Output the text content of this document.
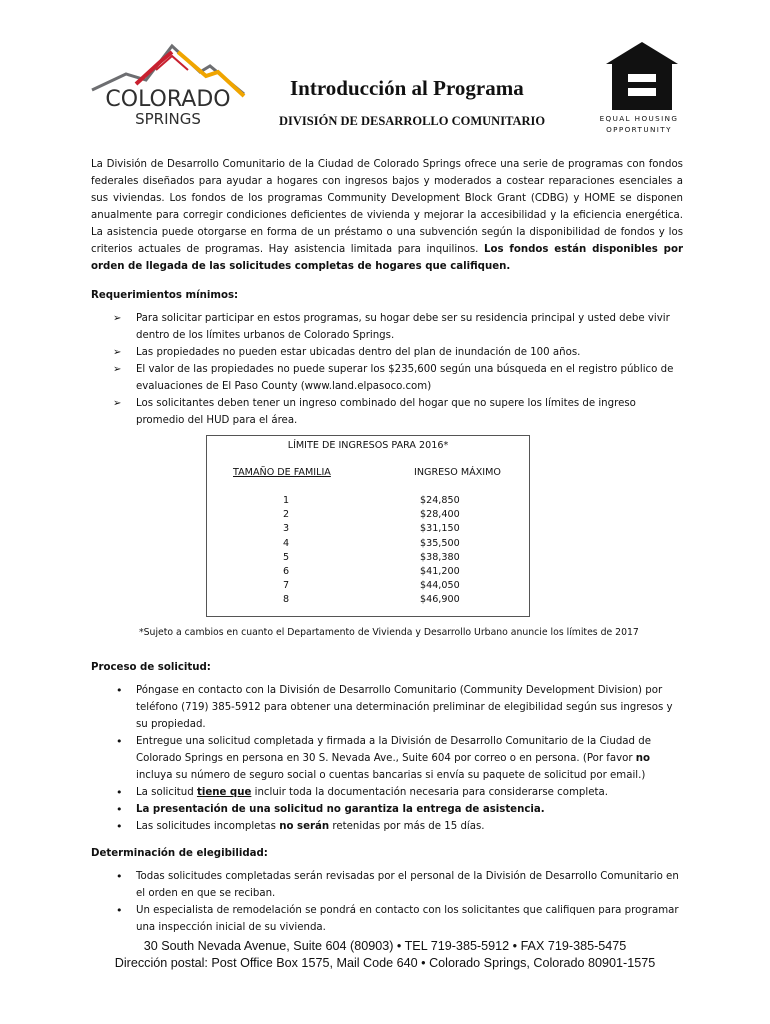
COLORADO
SPRINGS
Introducción al Programa
DIVISIÓN DE DESARROLLO COMUNITARIO	EQUAL HOUSING
OPPORTUNITY

La División de Desarrollo Comunitario de la Ciudad de Colorado Springs ofrece una serie de programas con fondos federales diseñados para ayudar a hogares con ingresos bajos y moderados a costear reparaciones esenciales a sus viviendas. Los fondos de los programas Community Development Block Grant (CDBG) y HOME se disponen anualmente para corregir condiciones deficientes de vivienda y mejorar la accesibilidad y la eficiencia energética. La asistencia puede otorgarse en forma de un préstamo o una subvención según la disponibilidad de fondos y los criterios actuales de programas. Hay asistencia limitada para inquilinos. Los fondos están disponibles por orden de llegada de las solicitudes completas de hogares que califiquen.

Requerimientos mínimos:

➢ Para solicitar participar en estos programas, su hogar debe ser su residencia principal y usted debe vivir dentro de los límites urbanos de Colorado Springs.
➢ Las propiedades no pueden estar ubicadas dentro del plan de inundación de 100 años.
➢ El valor de las propiedades no puede superar los $235,600 según una búsqueda en el registro público de evaluaciones de El Paso County (www.land.elpasoco.com)
➢ Los solicitantes deben tener un ingreso combinado del hogar que no supere los límites de ingreso promedio del HUD para el área.
LÍMITE DE INGRESOS PARA 2016*
TAMAÑO DE FAMILIA	INGRESO MÁXIMO
1
2
3
4
5
6
7
8
$24,850
$28,400
$31,150
$35,500
$38,380
$41,200
$44,050
$46,900
*Sujeto a cambios en cuanto el Departamento de Vivienda y Desarrollo Urbano anuncie los límites de 2017

Proceso de solicitud:

• Póngase en contacto con la División de Desarrollo Comunitario (Community Development Division) por teléfono (719) 385-5912 para obtener una determinación preliminar de elegibilidad según sus ingresos y su propiedad.
• Entregue una solicitud completada y firmada a la División de Desarrollo Comunitario de la Ciudad de Colorado Springs en persona en 30 S. Nevada Ave., Suite 604 por correo o en persona. (Por favor no incluya su número de seguro social o cuentas bancarias si envía su paquete de solicitud por email.)
• La solicitud tiene que incluir toda la documentación necesaria para considerarse completa.
• La presentación de una solicitud no garantiza la entrega de asistencia.
• Las solicitudes incompletas no serán retenidas por más de 15 días.

Determinación de elegibilidad:

• Todas solicitudes completadas serán revisadas por el personal de la División de Desarrollo Comunitario en el orden en que se reciban.
• Un especialista de remodelación se pondrá en contacto con los solicitantes que califiquen para programar una inspección inicial de su vivienda.
30 South Nevada Avenue, Suite 604 (80903) • TEL 719-385-5912 • FAX 719-385-5475
Dirección postal: Post Office Box 1575, Mail Code 640 • Colorado Springs, Colorado 80901-1575
